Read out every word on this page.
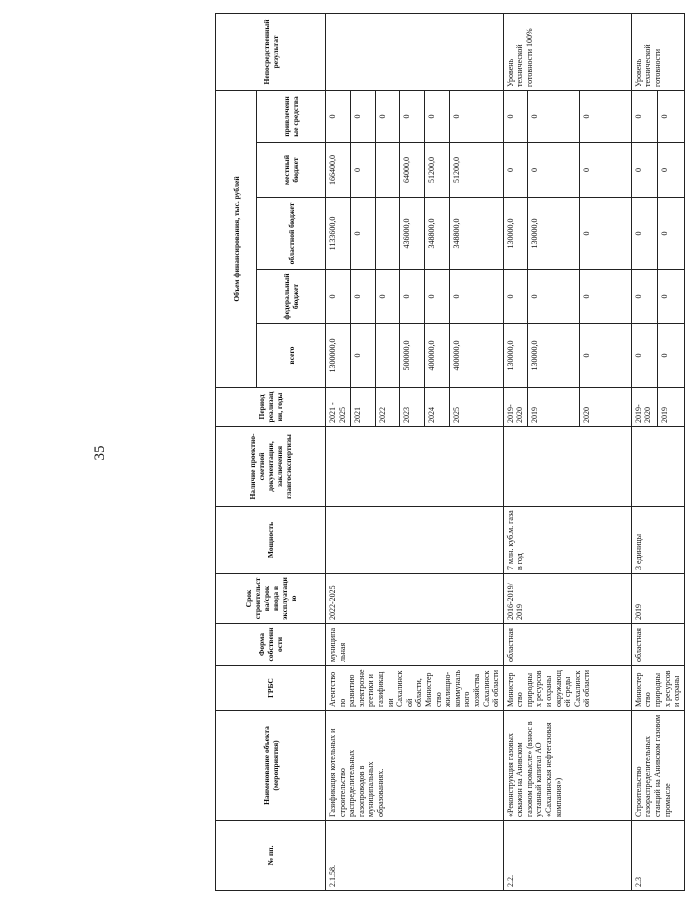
35
№ пп.	Наименование объекта (мероприятия)	ГРБС	Форма собственности	Срок строительства/срок ввода в эксплуатацию	Мощность	Наличие проектно-сметной документации, заключения главгосэкспертизы	Период реализации, годы	Объем финансирования, тыс. рублей					Непосредственный результат
								всего	федеральный бюджет	областной бюджет	местный бюджет	привлеченные средства	
2.1.58.	Газификация котельных и строительство распределительных газопроводов в муниципальных образованиях.	Агентство по развитию электроэнергетики и газификации Сахалинской области, Министерство жилищно-коммунального хозяйства Сахалинской области	муниципальная	2022-2025			2021 - 2025	1300000,0	0	1133600,0	166400,0	0	
							2021	0	0	0	0	0	
							2022		0			0	
							2023	500000,0	0	436000,0	64000,0	0	
							2024	400000,0	0	348800,0	51200,0	0	
							2025	400000,0	0	348800,0	51200,0	0	
2.2.	«Реконструкция газовых скважин на Анивском газовом промысле» (взнос в уставный капитал АО «Сахалинская нефтегазовая компания»)	Министерство природных ресурсов и охраны окружающей среды Сахалинской области	областная	2016-2019/ 2019	7 млн. куб.м. газа в год		2019-2020	130000,0	0	130000,0	0	0	Уровень технической готовности 100%
							2019	130000,0	0	130000,0	0	0	
							2020	0	0	0	0	0	
2.3	Строительство газораспределительных станций на Анивском газовом промысле	Министерство природных ресурсов и охраны	областная	2019	3 единицы		2019-2020	0	0	0	0	0	Уровень технической готовности
							2019	0	0	0	0	0	
